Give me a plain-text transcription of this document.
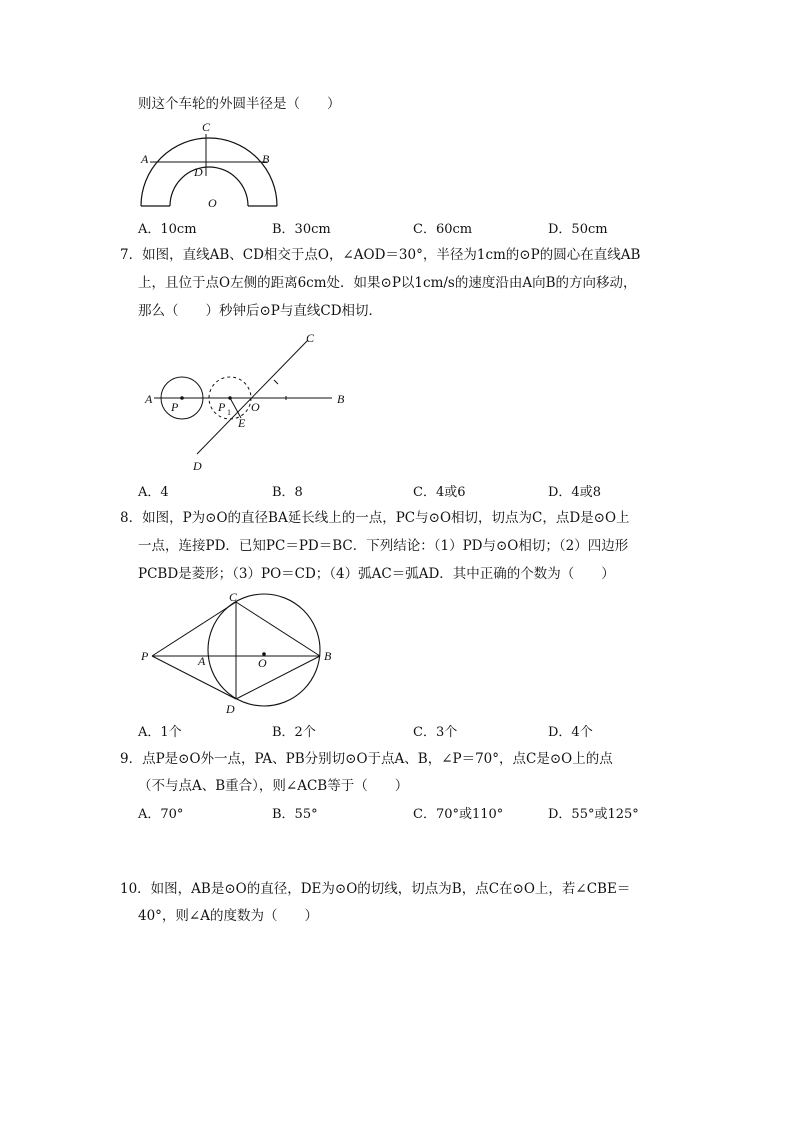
则这个车轮的外圆半径是（　　）
C
A	B
D
O
A．10cm	B．30cm	C．60cm	D．50cm
7．如图，直线AB、CD相交于点O，∠AOD＝30°，半径为1cm的⊙P的圆心在直线AB
上，且位于点O左侧的距离6cm处．如果⊙P以1cm/s的速度沿由A向B的方向移动，
那么（　　）秒钟后⊙P与直线CD相切．
C
A	B
P	P 1 O
E
D
A．4	B．8	C．4或6	D．4或8
8．如图，P为⊙O的直径BA延长线上的一点，PC与⊙O相切，切点为C，点D是⊙O上
一点，连接PD．已知PC＝PD＝BC．下列结论：（1）PD与⊙O相切；（2）四边形
PCBD是菱形；（3）PO＝CD；（4）弧AC＝弧AD．其中正确的个数为（　　）
P	A	O	B
C
D
A．1个	B．2个	C．3个	D．4个
9．点P是⊙O外一点，PA、PB分别切⊙O于点A、B，∠P＝70°，点C是⊙O上的点
（不与点A、B重合），则∠ACB等于（　　）
A．70°	B．55°	C．70°或110°	D．55°或125°
10．如图，AB是⊙O的直径，DE为⊙O的切线，切点为B，点C在⊙O上，若∠CBE＝
40°，则∠A的度数为（　　）
